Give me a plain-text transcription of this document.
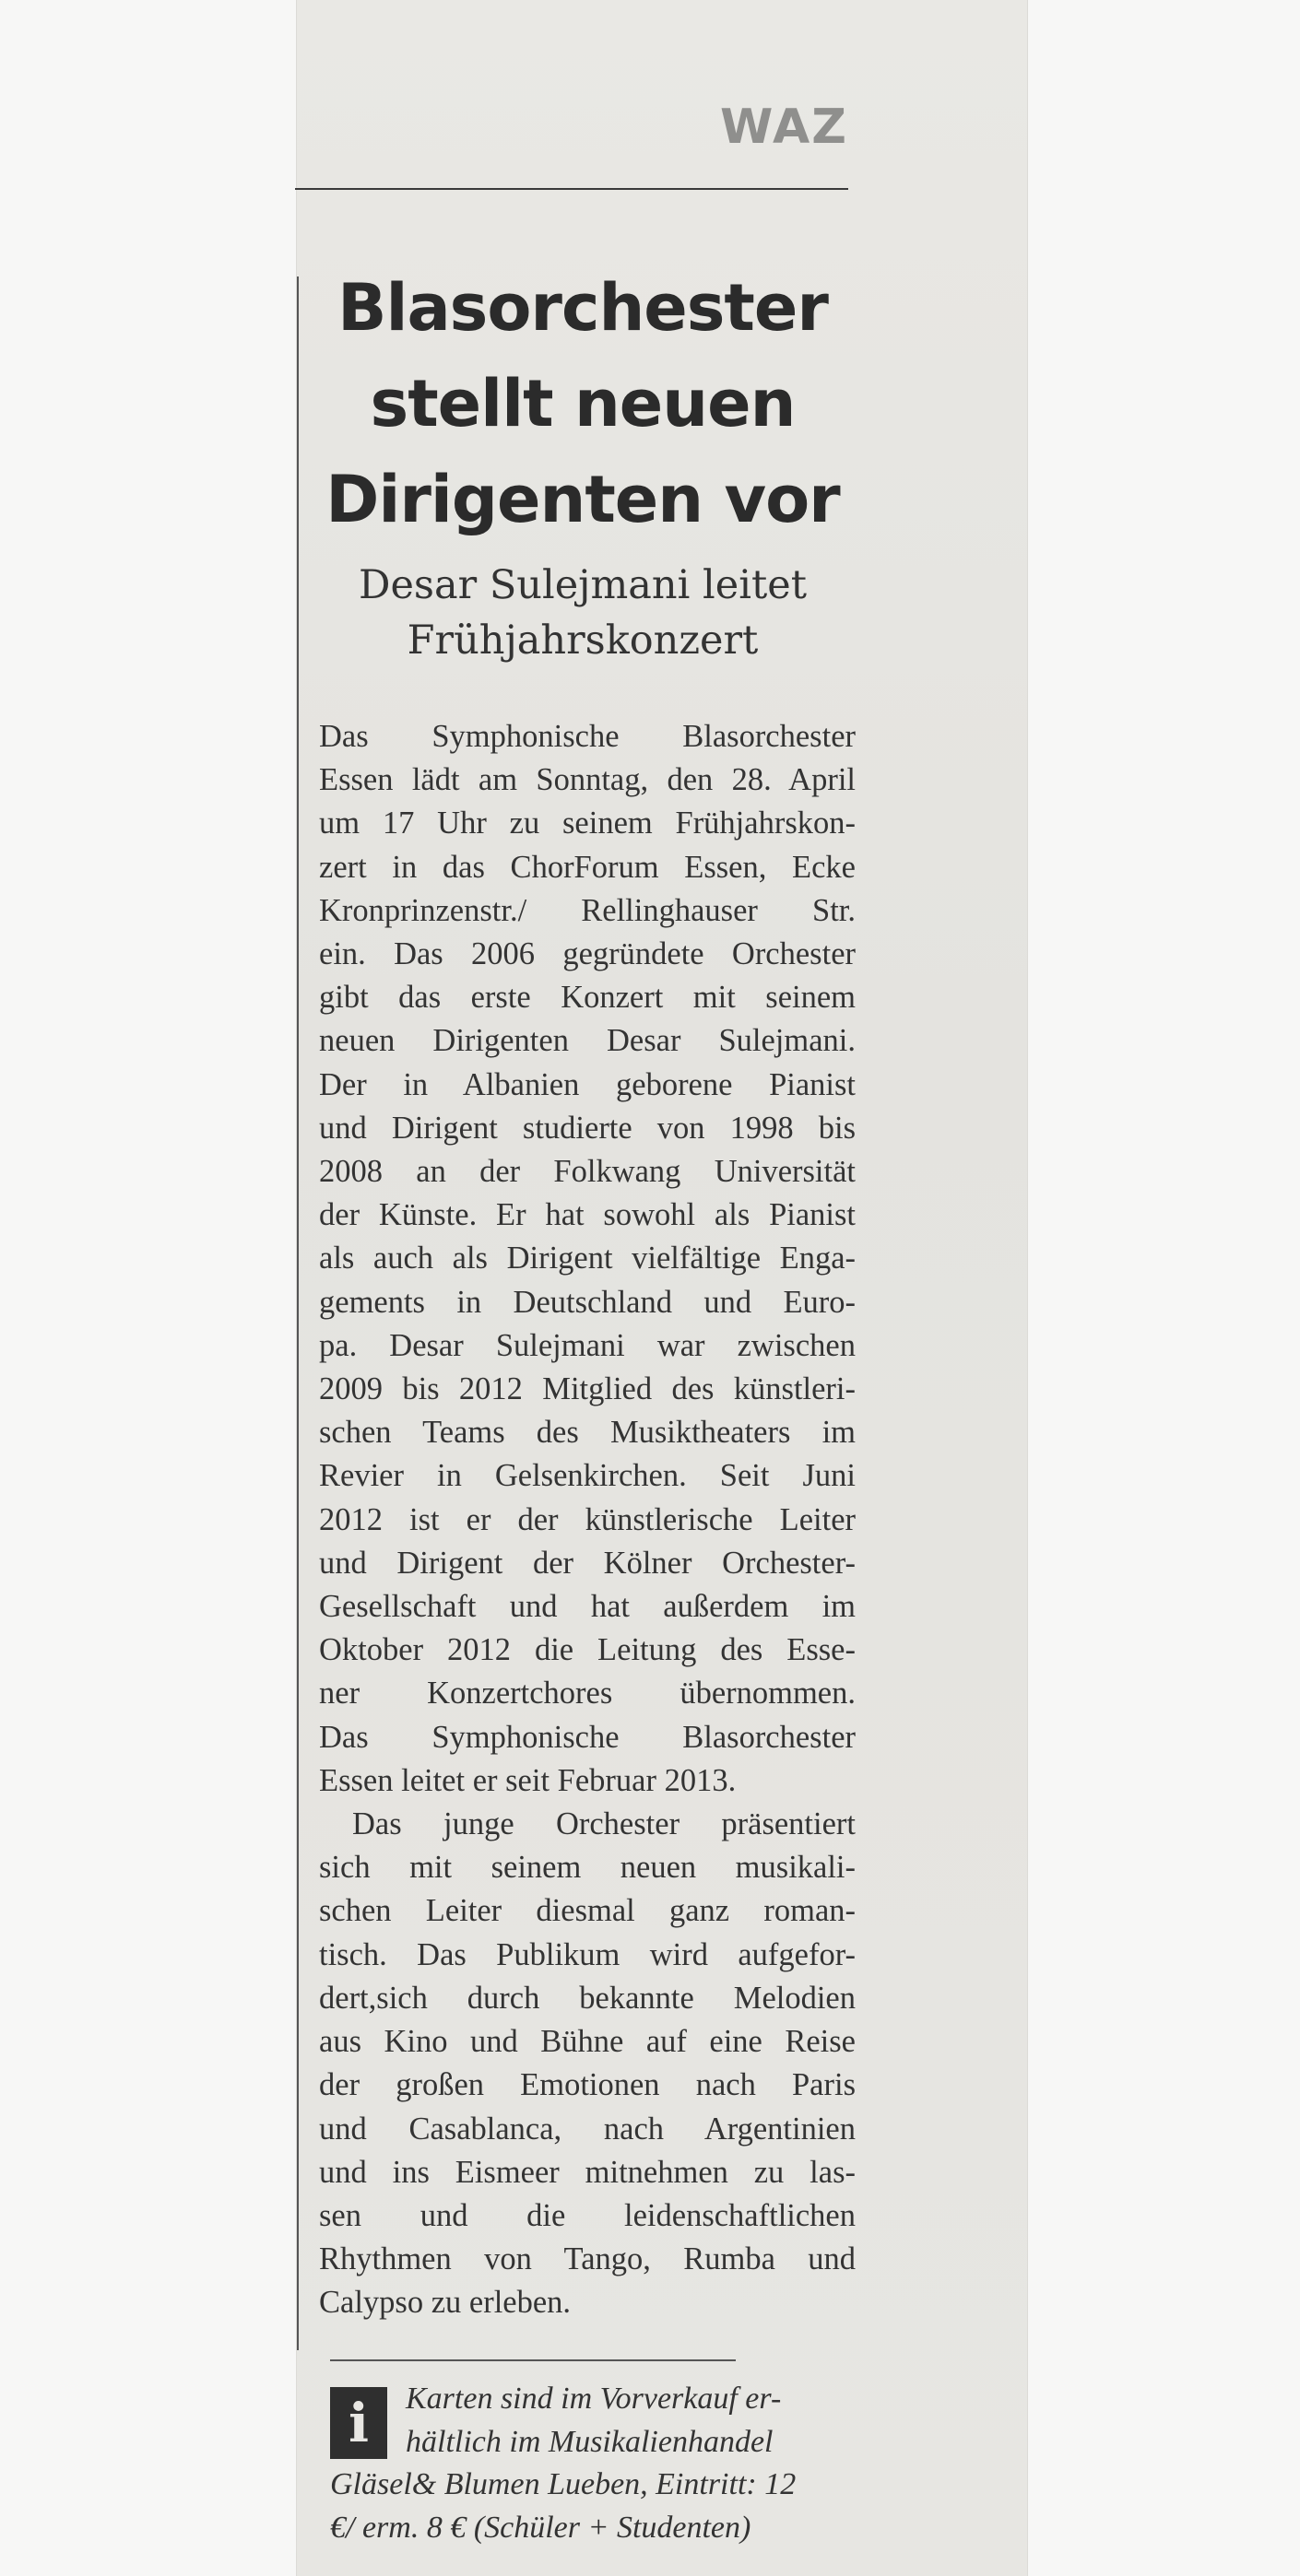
WAZ
Blasorchester
stellt neuen
Dirigenten vor
Desar Sulejmani leitet
Frühjahrskonzert
Das Symphonische Blasorchester
Essen lädt am Sonntag, den 28. April
um 17 Uhr zu seinem Frühjahrskon-
zert in das ChorForum Essen, Ecke
Kronprinzenstr./ Rellinghauser Str.
ein. Das 2006 gegründete Orchester
gibt das erste Konzert mit seinem
neuen Dirigenten Desar Sulejmani.
Der in Albanien geborene Pianist
und Dirigent studierte von 1998 bis
2008 an der Folkwang Universität
der Künste. Er hat sowohl als Pianist
als auch als Dirigent vielfältige Enga-
gements in Deutschland und Euro-
pa. Desar Sulejmani war zwischen
2009 bis 2012 Mitglied des künstleri-
schen Teams des Musiktheaters im
Revier in Gelsenkirchen. Seit Juni
2012 ist er der künstlerische Leiter
und Dirigent der Kölner Orchester-
Gesellschaft und hat außerdem im
Oktober 2012 die Leitung des Esse-
ner Konzertchores übernommen.
Das Symphonische Blasorchester
Essen leitet er seit Februar 2013.
Das junge Orchester präsentiert
sich mit seinem neuen musikali-
schen Leiter diesmal ganz roman-
tisch. Das Publikum wird aufgefor-
dert,sich durch bekannte Melodien
aus Kino und Bühne auf eine Reise
der großen Emotionen nach Paris
und Casablanca, nach Argentinien
und ins Eismeer mitnehmen zu las-
sen und die leidenschaftlichen
Rhythmen von Tango, Rumba und
Calypso zu erleben.
i	Karten sind im Vorverkauf er-
hältlich im Musikalienhandel
Gläsel& Blumen Lueben, Eintritt: 12
€/ erm. 8 € (Schüler + Studenten)
